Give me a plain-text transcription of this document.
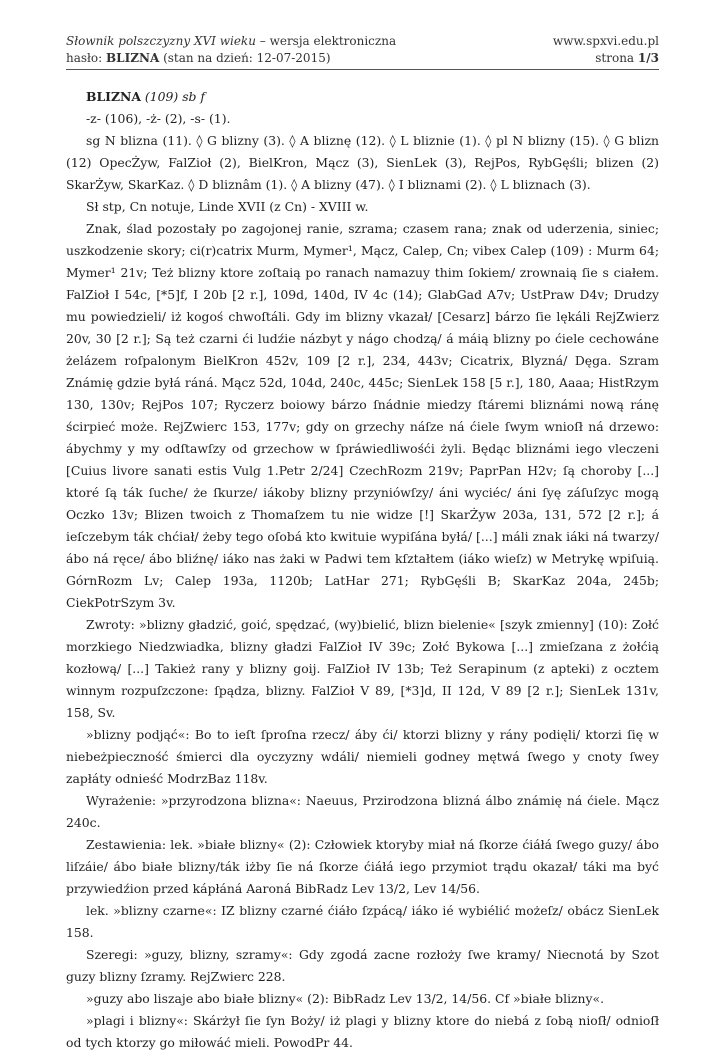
Słownik polszczyzny XVI wieku – wersja elektroniczna	www.spxvi.edu.pl
hasło: BLIZNA (stan na dzień: 12-07-2015)	strona 1/3

BLIZNA (109) sb f

-z- (106), -ż- (2), -s- (1).

sg N blizna (11). ◊ G blizny (3). ◊ A bliznę (12). ◊ L bliznie (1). ◊ pl N blizny (15). ◊ G blizn (12) OpecŻyw, FalZioł (2), BielKron, Mącz (3), SienLek (3), RejPos, RybGęśli; blizen (2) SkarŻyw, SkarKaz. ◊ D bliznâm (1). ◊ A blizny (47). ◊ I bliznami (2). ◊ L bliznach (3).

Sł stp, Cn notuje, Linde XVII (z Cn) - XVIII w.

Znak, ślad pozostały po zagojonej ranie, szrama; czasem rana; znak od uderzenia, siniec; uszkodzenie skory; ci(r)catrix Murm, Mymer¹, Mącz, Calep, Cn; vibex Calep (109) : Murm 64; Mymer¹ 21v; Też blizny ktore zoſtaią po ranach namazuy thim ſokiem/ zrownaią ſie s ciałem. FalZioł I 54c, [*5]f, I 20b [2 r.], 109d, 140d, IV 4c (14); GlabGad A7v; UstPraw D4v; Drudzy mu powiedzieli/ iż kogoś chwoſtáli. Gdy im blizny vkazał/ [Cesarz] bárzo ſie lękáli RejZwierz 20v, 30 [2 r.]; Są też czarni ći ludźie názbyt y nágo chodzą/ á máią blizny po ćiele cechowáne żelázem roſpalonym BielKron 452v, 109 [2 r.], 234, 443v; Cicatrix, Blyzná/ Dęga. Szram Známię gdzie byłá ráná. Mącz 52d, 104d, 240c, 445c; SienLek 158 [5 r.], 180, Aaaa; HistRzym 130, 130v; RejPos 107; Ryczerz boiowy bárzo ſnádnie miedzy ſtáremi bliznámi nową ránę ścirpieć może. RejZwierc 153, 177v; gdy on grzechy náſze ná ćiele ſwym wnioſł ná drzewo: ábychmy y my odſtawſzy od grzechow w ſpráwiedliwośći żyli. Będąc bliznámi iego vleczeni [Cuius livore sanati estis Vulg 1.Petr 2/24] CzechRozm 219v; PaprPan H2v; ſą choroby [...] ktoré ſą ták ſuche/ że ſkurze/ iákoby blizny przyniówſzy/ áni wyciéc/ áni ſyę záſuſzyc mogą Oczko 13v; Blizen twoich z Thomaſzem tu nie widze [!] SkarŻyw 203a, 131, 572 [2 r.]; á ieſczebym ták chćiał/ żeby tego oſobá kto kwituie wypiſána byłá/ [...] máli znak iáki ná twarzy/ ábo ná ręce/ ábo bliźnę/ iáko nas żaki w Padwi tem kſztałtem (iáko wieſz) w Metrykę wpiſuią. GórnRozm Lv; Calep 193a, 1120b; LatHar 271; RybGęśli B; SkarKaz 204a, 245b; CiekPotrSzym 3v.

Zwroty: »blizny gładzić, goić, spędzać, (wy)bielić, blizn bielenie« [szyk zmienny] (10): Zołć morzkiego Niedzwiadka, blizny gładzi FalZioł IV 39c; Zołć Bykowa [...] zmieſzana z żołćią kozłową/ [...] Takież rany y blizny goij. FalZioł IV 13b; Też Serapinum (z apteki) z ocztem winnym rozpuſzczone: ſpądza, blizny. FalZioł V 89, [*3]d, II 12d, V 89 [2 r.]; SienLek 131v, 158, Sv.

»blizny podjąć«: Bo to ieſt ſproſna rzecz/ áby ći/ ktorzi blizny y rány podięli/ ktorzi ſię w niebeżpieczność śmierci dla oyczyzny wdáli/ niemieli godney mętwá ſwego y cnoty ſwey zapłáty odnieść ModrzBaz 118v.

Wyrażenie: »przyrodzona blizna«: Naeuus, Przirodzona blizná álbo známię ná ćiele. Mącz 240c.

Zestawienia: lek. »białe blizny« (2): Człowiek ktoryby miał ná ſkorze ćiáłá ſwego guzy/ ábo liſzáie/ ábo białe blizny/ták iżby ſie ná ſkorze ćiáłá iego przymiot trądu okazał/ táki ma być przywiedźion przed kápłáná Aaroná BibRadz Lev 13/2, Lev 14/56.

lek. »blizny czarne«: IZ blizny czarné ćiáło ſzpácą/ iáko ié wybiélić możeſz/ obácz SienLek 158.

Szeregi: »guzy, blizny, szramy«: Gdy zgodá zacne rozłoży ſwe kramy/ Niecnotá by Szot guzy blizny ſzramy. RejZwierc 228.

»guzy abo liszaje abo białe blizny« (2): BibRadz Lev 13/2, 14/56. Cf »białe blizny«.

»plagi i blizny«: Skárżył ſie ſyn Boży/ iż plagi y blizny ktore do niebá z ſobą nioſł/ odnioſł od tych ktorzy go miłowáć mieli. PowodPr 44.
